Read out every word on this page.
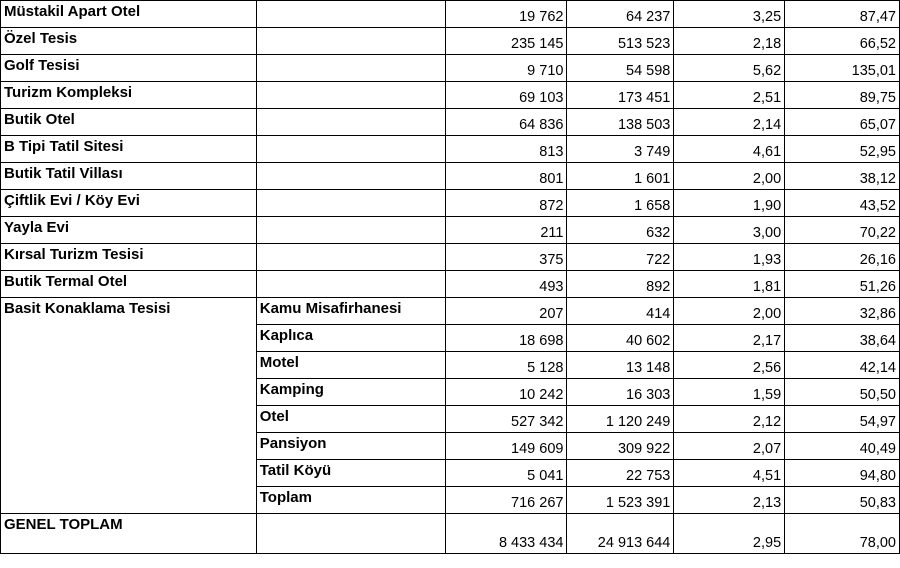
Müstakil Apart Otel		19 762	64 237	3,25	87,47
Özel Tesis		235 145	513 523	2,18	66,52
Golf Tesisi		9 710	54 598	5,62	135,01
Turizm Kompleksi		69 103	173 451	2,51	89,75
Butik Otel		64 836	138 503	2,14	65,07
B Tipi Tatil Sitesi		813	3 749	4,61	52,95
Butik Tatil Villası		801	1 601	2,00	38,12
Çiftlik Evi / Köy Evi		872	1 658	1,90	43,52
Yayla Evi		211	632	3,00	70,22
Kırsal Turizm Tesisi		375	722	1,93	26,16
Butik Termal Otel		493	892	1,81	51,26
Basit Konaklama Tesisi	Kamu Misafirhanesi	207	414	2,00	32,86
	Kaplıca	18 698	40 602	2,17	38,64
	Motel	5 128	13 148	2,56	42,14
	Kamping	10 242	16 303	1,59	50,50
	Otel	527 342	1 120 249	2,12	54,97
	Pansiyon	149 609	309 922	2,07	40,49
	Tatil Köyü	5 041	22 753	4,51	94,80
	Toplam	716 267	1 523 391	2,13	50,83
GENEL TOPLAM		8 433 434	24 913 644	2,95	78,00
